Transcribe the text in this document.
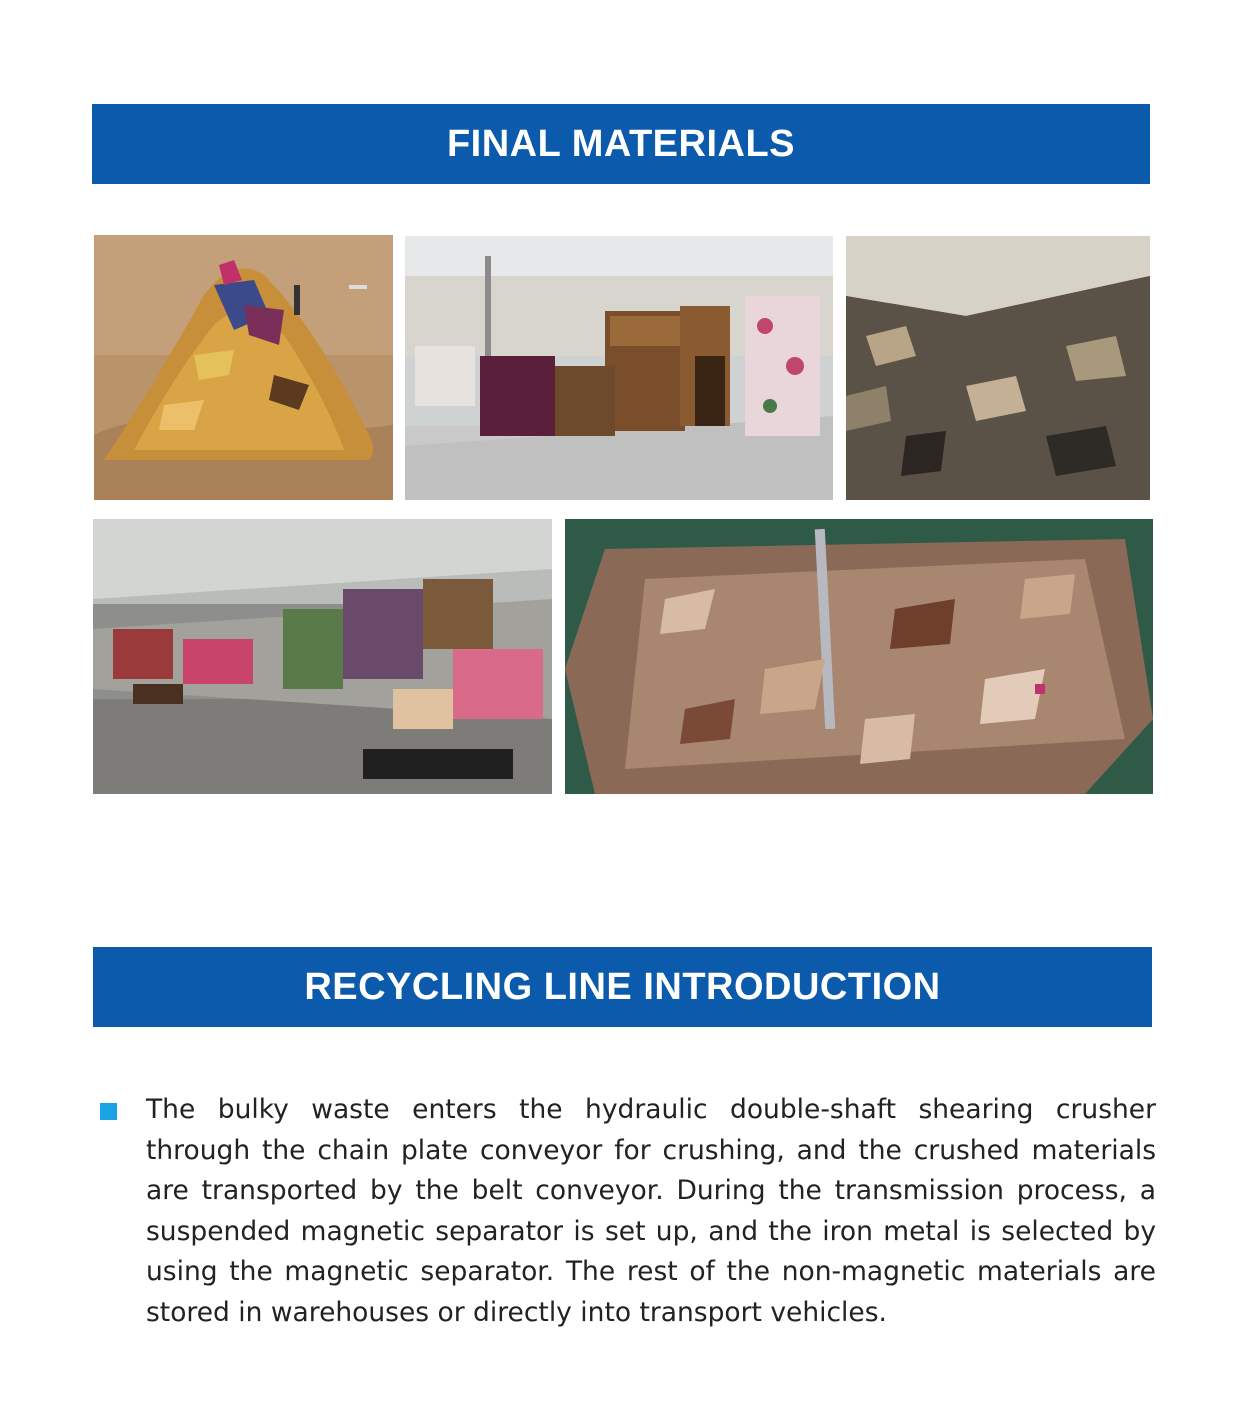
FINAL MATERIALS
RECYCLING LINE INTRODUCTION

The bulky waste enters the hydraulic double-shaft shearing crusher through the chain plate conveyor for crushing, and the crushed materials are transported by the belt conveyor. During the transmission process, a suspended magnetic separator is set up, and the iron metal is selected by using the magnetic separator. The rest of the non-magnetic materials are stored in warehouses or directly into transport vehicles.
